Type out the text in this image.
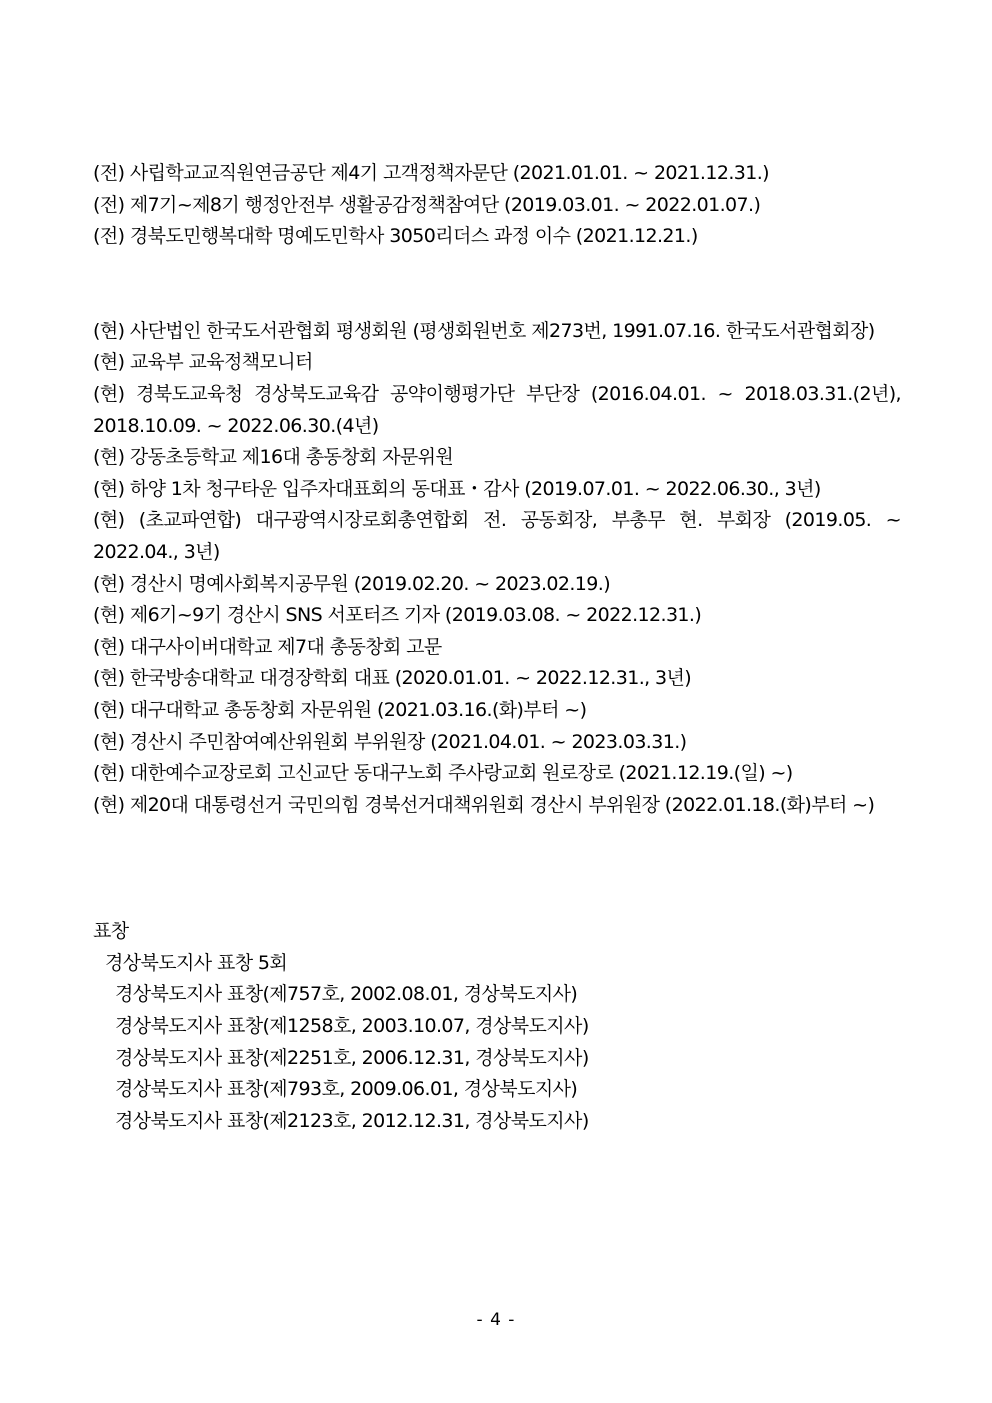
(전) 사립학교교직원연금공단 제4기 고객정책자문단 (2021.01.01. ~ 2021.12.31.)
(전) 제7기~제8기 행정안전부 생활공감정책참여단 (2019.03.01. ~ 2022.01.07.)
(전) 경북도민행복대학 명예도민학사 3050리더스 과정 이수 (2021.12.21.)
(현) 사단법인 한국도서관협회 평생회원 (평생회원번호 제273번, 1991.07.16. 한국도서관협회장)
(현) 교육부 교육정책모니터
(현) 경북도교육청 경상북도교육감 공약이행평가단 부단장 (2016.04.01. ~ 2018.03.31.(2년), 2018.10.09. ~ 2022.06.30.(4년)
(현) 강동초등학교 제16대 총동창회 자문위원
(현) 하양 1차 청구타운 입주자대표회의 동대표・감사 (2019.07.01. ~ 2022.06.30., 3년)
(현) (초교파연합) 대구광역시장로회총연합회 전. 공동회장, 부총무 현. 부회장 (2019.05. ~ 2022.04., 3년)
(현) 경산시 명예사회복지공무원 (2019.02.20. ~ 2023.02.19.)
(현) 제6기~9기 경산시 SNS 서포터즈 기자 (2019.03.08. ~ 2022.12.31.)
(현) 대구사이버대학교 제7대 총동창회 고문
(현) 한국방송대학교 대경장학회 대표 (2020.01.01. ~ 2022.12.31., 3년)
(현) 대구대학교 총동창회 자문위원 (2021.03.16.(화)부터 ~)
(현) 경산시 주민참여예산위원회 부위원장 (2021.04.01. ~ 2023.03.31.)
(현) 대한예수교장로회 고신교단 동대구노회 주사랑교회 원로장로 (2021.12.19.(일) ~)
(현) 제20대 대통령선거 국민의힘 경북선거대책위원회 경산시 부위원장 (2022.01.18.(화)부터 ~)
표창
경상북도지사 표창 5회
경상북도지사 표창(제757호, 2002.08.01, 경상북도지사)
경상북도지사 표창(제1258호, 2003.10.07, 경상북도지사)
경상북도지사 표창(제2251호, 2006.12.31, 경상북도지사)
경상북도지사 표창(제793호, 2009.06.01, 경상북도지사)
경상북도지사 표창(제2123호, 2012.12.31, 경상북도지사)
- 4 -
